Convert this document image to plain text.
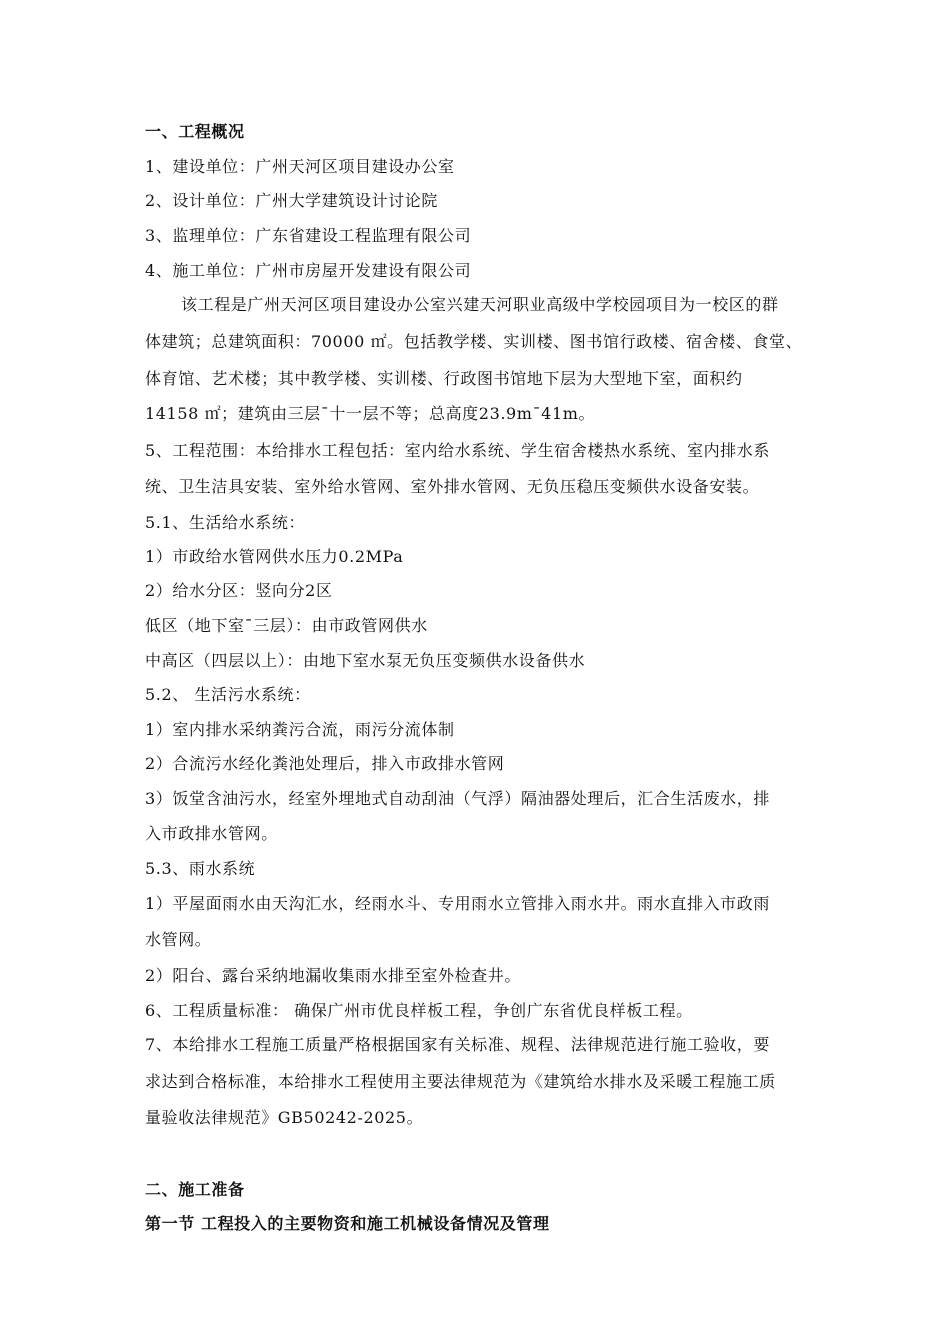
一、工程概况
1、建设单位：广州天河区项目建设办公室
2、设计单位：广州大学建筑设计讨论院
3、监理单位：广东省建设工程监理有限公司
4、施工单位：广州市房屋开发建设有限公司
该工程是广州天河区项目建设办公室兴建天河职业高级中学校园项目为一校区的群
体建筑；总建筑面积：70000 ㎡。包括教学楼、实训楼、图书馆行政楼、宿舍楼、食堂、
体育馆、艺术楼；其中教学楼、实训楼、行政图书馆地下层为大型地下室，面积约
14158 ㎡；建筑由三层¯十一层不等；总高度23.9m¯41m。
5、工程范围：本给排水工程包括：室内给水系统、学生宿舍楼热水系统、室内排水系
统、卫生洁具安装、室外给水管网、室外排水管网、无负压稳压变频供水设备安装。
5.1、生活给水系统：
1）市政给水管网供水压力0.2MPa
2）给水分区：竖向分2区
低区（地下室¯三层）：由市政管网供水
中高区（四层以上）：由地下室水泵无负压变频供水设备供水
5.2、 生活污水系统：
1）室内排水采纳粪污合流，雨污分流体制
2）合流污水经化粪池处理后，排入市政排水管网
3）饭堂含油污水，经室外埋地式自动刮油（气浮）隔油器处理后，汇合生活废水，排
入市政排水管网。
5.3、雨水系统
1）平屋面雨水由天沟汇水，经雨水斗、专用雨水立管排入雨水井。雨水直排入市政雨
水管网。
2）阳台、露台采纳地漏收集雨水排至室外检查井。
6、工程质量标准： 确保广州市优良样板工程，争创广东省优良样板工程。
7、本给排水工程施工质量严格根据国家有关标准、规程、法律规范进行施工验收，要
求达到合格标准，本给排水工程使用主要法律规范为《建筑给水排水及采暖工程施工质
量验收法律规范》GB50242-2025。
二、施工准备
第一节 工程投入的主要物资和施工机械设备情况及管理
